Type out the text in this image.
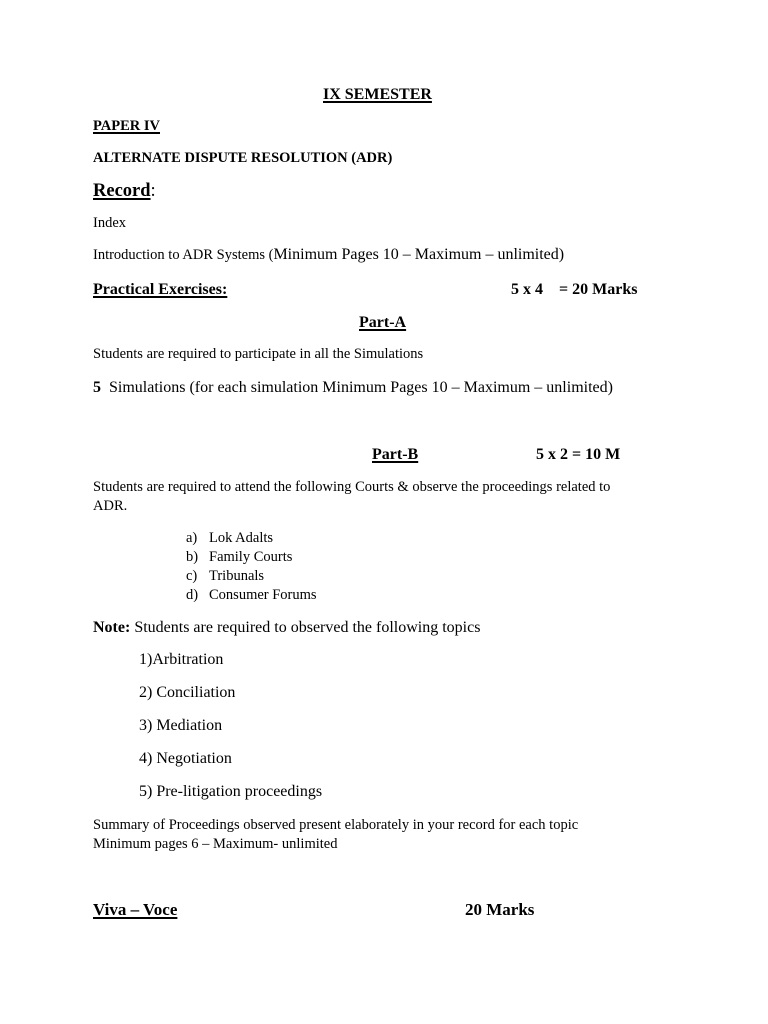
IX SEMESTER
PAPER IV
ALTERNATE DISPUTE RESOLUTION (ADR)
Record:
Index
Introduction to ADR Systems (Minimum Pages 10 – Maximum – unlimited)
Practical Exercises:	5 x 4 = 20 Marks
Part-A
Students are required to participate in all the Simulations
5 Simulations (for each simulation Minimum Pages 10 – Maximum – unlimited)
Part-B	5 x 2 = 10 M
Students are required to attend the following Courts & observe the proceedings related to
ADR.
a) Lok Adalts
b) Family Courts
c) Tribunals
d) Consumer Forums
Note: Students are required to observed the following topics
1)Arbitration
2) Conciliation
3) Mediation
4) Negotiation
5) Pre-litigation proceedings
Summary of Proceedings observed present elaborately in your record for each topic
Minimum pages 6 – Maximum- unlimited
Viva – Voce	20 Marks
